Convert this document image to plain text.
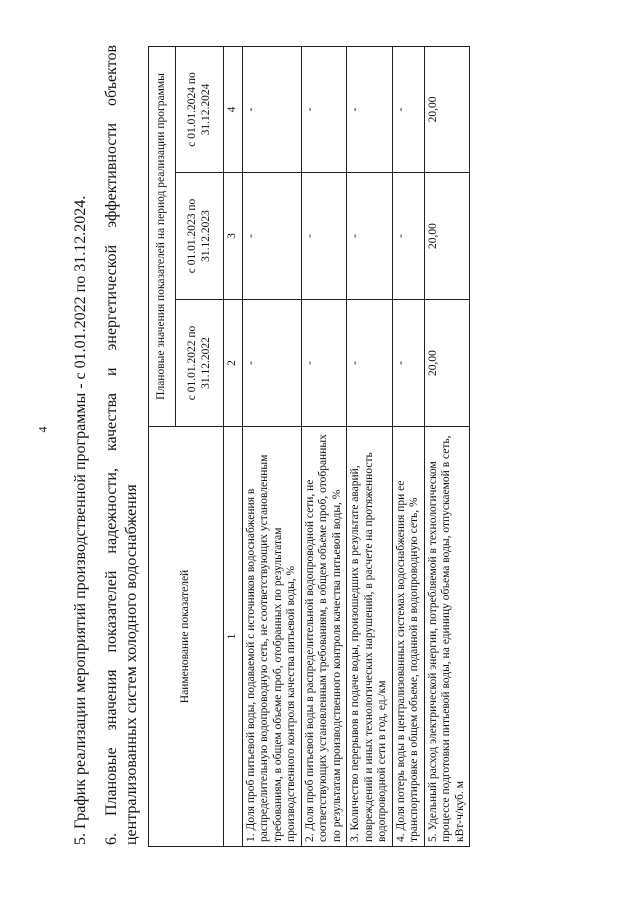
4 5. График реализации мероприятий производственной программы - с 01.01.2022 по 31.12.2024. 6. Плановые значения показателей надежности, качества и энергетической эффективности объектов централизованных систем холодного водоснабжения	Наименование показателей	Плановые значения показателей на период реализации программы		
	с 01.01.2022 по 31.12.2022	с 01.01.2023 по 31.12.2023	с 01.01.2024 по 31.12.2024
1	2	3	4
1. Доля проб питьевой воды, подаваемой с источников водоснабжения в распределительную водопроводную сеть, не соответствующих установленным требованиям, в общем объеме проб, отобранных по результатам производственного контроля качества питьевой воды, %	-	-	-
2. Доля проб питьевой воды в распределительной водопроводной сети, не соответствующих установленным требованиям, в общем объеме проб, отобранных по результатам производственного контроля качества питьевой воды, %	-	-	-
3. Количество перерывов в подаче воды, произошедших в результате аварий, повреждений и иных технологических нарушений, в расчете на протяженность водопроводной сети в год, ед./км	-	-	-
4. Доля потерь воды в централизованных системах водоснабжения при ее транспортировке в общем объеме, поданной в водопроводную сеть, %	-	-	-
5. Удельный расход электрической энергии, потребляемой в технологическом процессе подготовки питьевой воды, на единицу объема воды, отпускаемой в сеть, кВт-ч/куб. м	20,00	20,00	20,00
